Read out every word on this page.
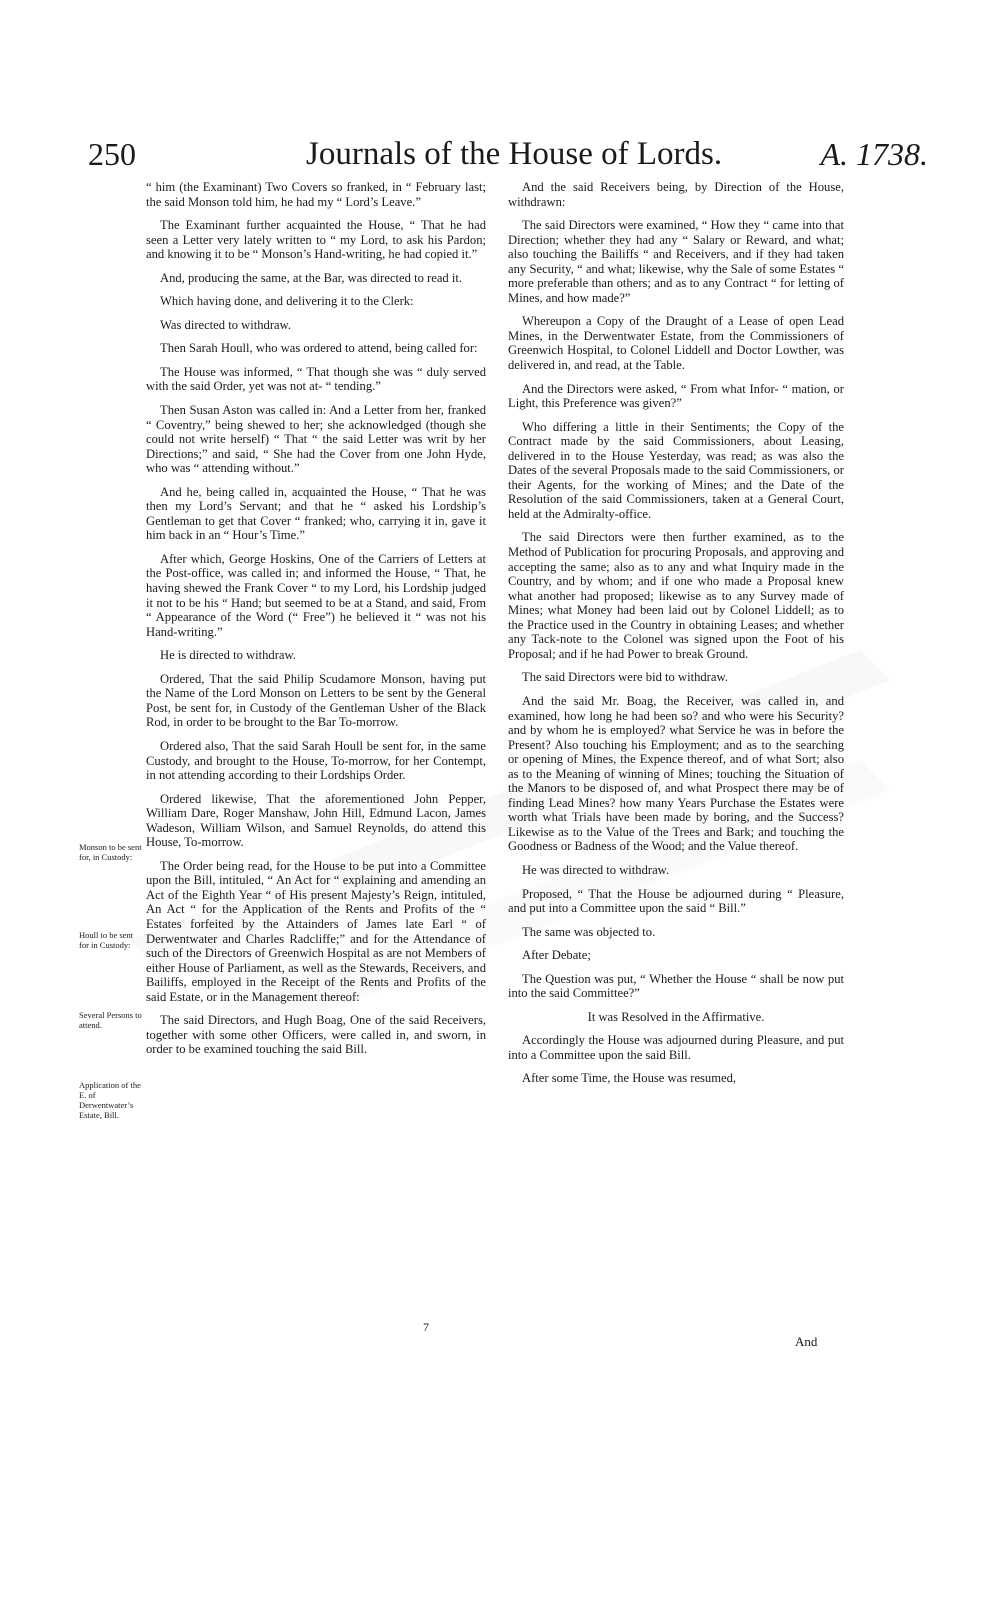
250	Journals of the House of Lords.	A. 1738.

“ him (the Examinant) Two Covers so franked, in “ February last; the said Monson told him, he had my “ Lord’s Leave.”

The Examinant further acquainted the House, “ That he had seen a Letter very lately written to “ my Lord, to ask his Pardon; and knowing it to be “ Monson’s Hand-writing, he had copied it.”

And, producing the same, at the Bar, was directed to read it.

Which having done, and delivering it to the Clerk:

Was directed to withdraw.

Then Sarah Houll, who was ordered to attend, being called for:

The House was informed, “ That though she was “ duly served with the said Order, yet was not at- “ tending.”

Then Susan Aston was called in: And a Letter from her, franked “ Coventry,” being shewed to her; she acknowledged (though she could not write herself) “ That “ the said Letter was writ by her Directions;” and said, “ She had the Cover from one John Hyde, who was “ attending without.”

And he, being called in, acquainted the House, “ That he was then my Lord’s Servant; and that he “ asked his Lordship’s Gentleman to get that Cover “ franked; who, carrying it in, gave it him back in an “ Hour’s Time.”

After which, George Hoskins, One of the Carriers of Letters at the Post-office, was called in; and informed the House, “ That, he having shewed the Frank Cover “ to my Lord, his Lordship judged it not to be his “ Hand; but seemed to be at a Stand, and said, From “ Appearance of the Word (“ Free”) he believed it “ was not his Hand-writing.”

He is directed to withdraw.

Ordered, That the said Philip Scudamore Monson, having put the Name of the Lord Monson on Letters to be sent by the General Post, be sent for, in Custody of the Gentleman Usher of the Black Rod, in order to be brought to the Bar To-morrow.

Ordered also, That the said Sarah Houll be sent for, in the same Custody, and brought to the House, To-morrow, for her Contempt, in not attending according to their Lordships Order.

Ordered likewise, That the aforementioned John Pepper, William Dare, Roger Manshaw, John Hill, Edmund Lacon, James Wadeson, William Wilson, and Samuel Reynolds, do attend this House, To-morrow.

The Order being read, for the House to be put into a Committee upon the Bill, intituled, “ An Act for “ explaining and amending an Act of the Eighth Year “ of His present Majesty’s Reign, intituled, An Act “ for the Application of the Rents and Profits of the “ Estates forfeited by the Attainders of James late Earl “ of Derwentwater and Charles Radcliffe;” and for the Attendance of such of the Directors of Greenwich Hospital as are not Members of either House of Parliament, as well as the Stewards, Receivers, and Bailiffs, employed in the Receipt of the Rents and Profits of the said Estate, or in the Management thereof:

The said Directors, and Hugh Boag, One of the said Receivers, together with some other Officers, were called in, and sworn, in order to be examined touching the said Bill.

Monson to be sent for, in Custody:
Houll to be sent for in Custody:
Several Persons to attend.
Application of the E. of Derwentwater’s Estate, Bill.

And the said Receivers being, by Direction of the House, withdrawn:

The said Directors were examined, “ How they “ came into that Direction; whether they had any “ Salary or Reward, and what; also touching the Bailiffs “ and Receivers, and if they had taken any Security, “ and what; likewise, why the Sale of some Estates “ more preferable than others; and as to any Contract “ for letting of Mines, and how made?”

Whereupon a Copy of the Draught of a Lease of open Lead Mines, in the Derwentwater Estate, from the Commissioners of Greenwich Hospital, to Colonel Liddell and Doctor Lowther, was delivered in, and read, at the Table.

And the Directors were asked, “ From what Infor- “ mation, or Light, this Preference was given?”

Who differing a little in their Sentiments; the Copy of the Contract made by the said Commissioners, about Leasing, delivered in to the House Yesterday, was read; as was also the Dates of the several Proposals made to the said Commissioners, or their Agents, for the working of Mines; and the Date of the Resolution of the said Commissioners, taken at a General Court, held at the Admiralty-office.

The said Directors were then further examined, as to the Method of Publication for procuring Proposals, and approving and accepting the same; also as to any and what Inquiry made in the Country, and by whom; and if one who made a Proposal knew what another had proposed; likewise as to any Survey made of Mines; what Money had been laid out by Colonel Liddell; as to the Practice used in the Country in obtaining Leases; and whether any Tack-note to the Colonel was signed upon the Foot of his Proposal; and if he had Power to break Ground.

The said Directors were bid to withdraw.

And the said Mr. Boag, the Receiver, was called in, and examined, how long he had been so? and who were his Security? and by whom he is employed? what Service he was in before the Present? Also touching his Employment; and as to the searching or opening of Mines, the Expence thereof, and of what Sort; also as to the Meaning of winning of Mines; touching the Situation of the Manors to be disposed of, and what Prospect there may be of finding Lead Mines? how many Years Purchase the Estates were worth what Trials have been made by boring, and the Success? Likewise as to the Value of the Trees and Bark; and touching the Goodness or Badness of the Wood; and the Value thereof.

He was directed to withdraw.

Proposed, “ That the House be adjourned during “ Pleasure, and put into a Committee upon the said “ Bill.”

The same was objected to.

After Debate;

The Question was put, “ Whether the House “ shall be now put into the said Committee?”

It was Resolved in the Affirmative.

Accordingly the House was adjourned during Pleasure, and put into a Committee upon the said Bill.

After some Time, the House was resumed,

And
7
